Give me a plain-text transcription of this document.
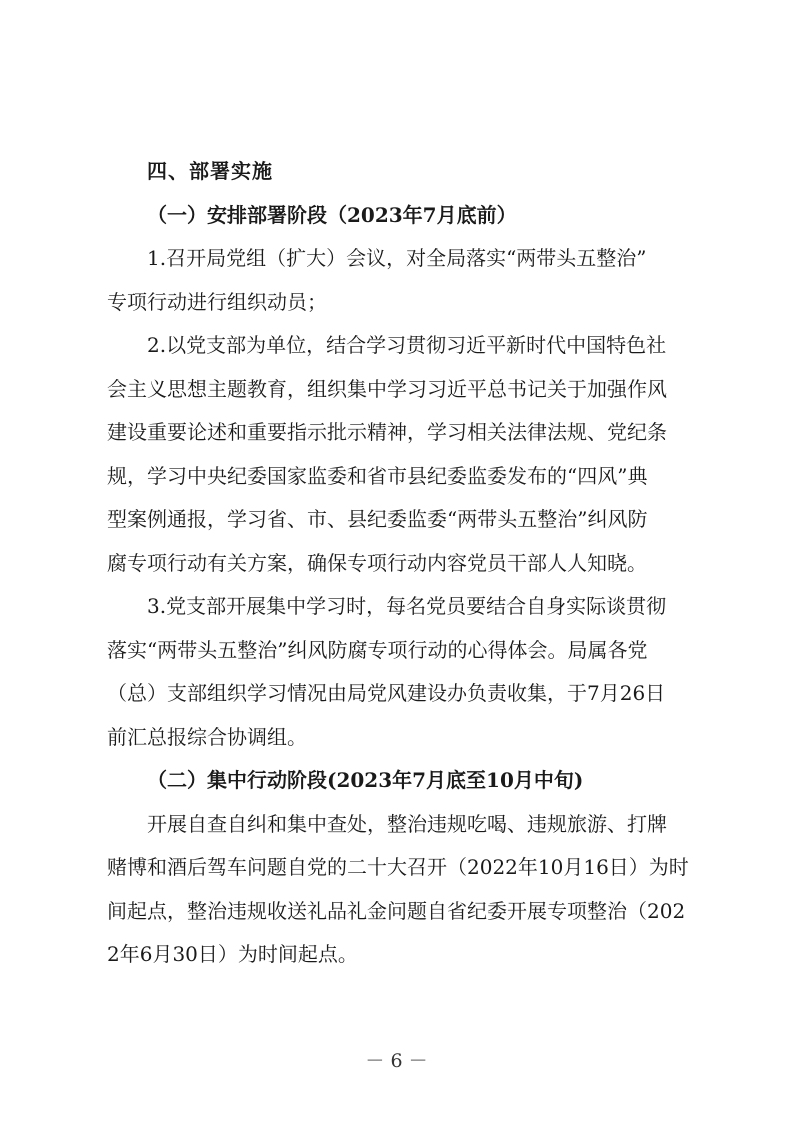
四、部署实施

（一）安排部署阶段（2023年7月底前）

1.召开局党组（扩大）会议，对全局落实“两带头五整治”

专项行动进行组织动员；

2.以党支部为单位，结合学习贯彻习近平新时代中国特色社

会主义思想主题教育，组织集中学习习近平总书记关于加强作风

建设重要论述和重要指示批示精神，学习相关法律法规、党纪条

规，学习中央纪委国家监委和省市县纪委监委发布的“四风”典

型案例通报，学习省、市、县纪委监委“两带头五整治”纠风防

腐专项行动有关方案，确保专项行动内容党员干部人人知晓。

3.党支部开展集中学习时，每名党员要结合自身实际谈贯彻

落实“两带头五整治”纠风防腐专项行动的心得体会。局属各党

（总）支部组织学习情况由局党风建设办负责收集，于7月26日

前汇总报综合协调组。

（二）集中行动阶段(2023年7月底至10月中旬)

开展自查自纠和集中查处，整治违规吃喝、违规旅游、打牌

赌博和酒后驾车问题自党的二十大召开（2022年10月16日）为时

间起点，整治违规收送礼品礼金问题自省纪委开展专项整治（202

2年6月30日）为时间起点。

－ 6 －
